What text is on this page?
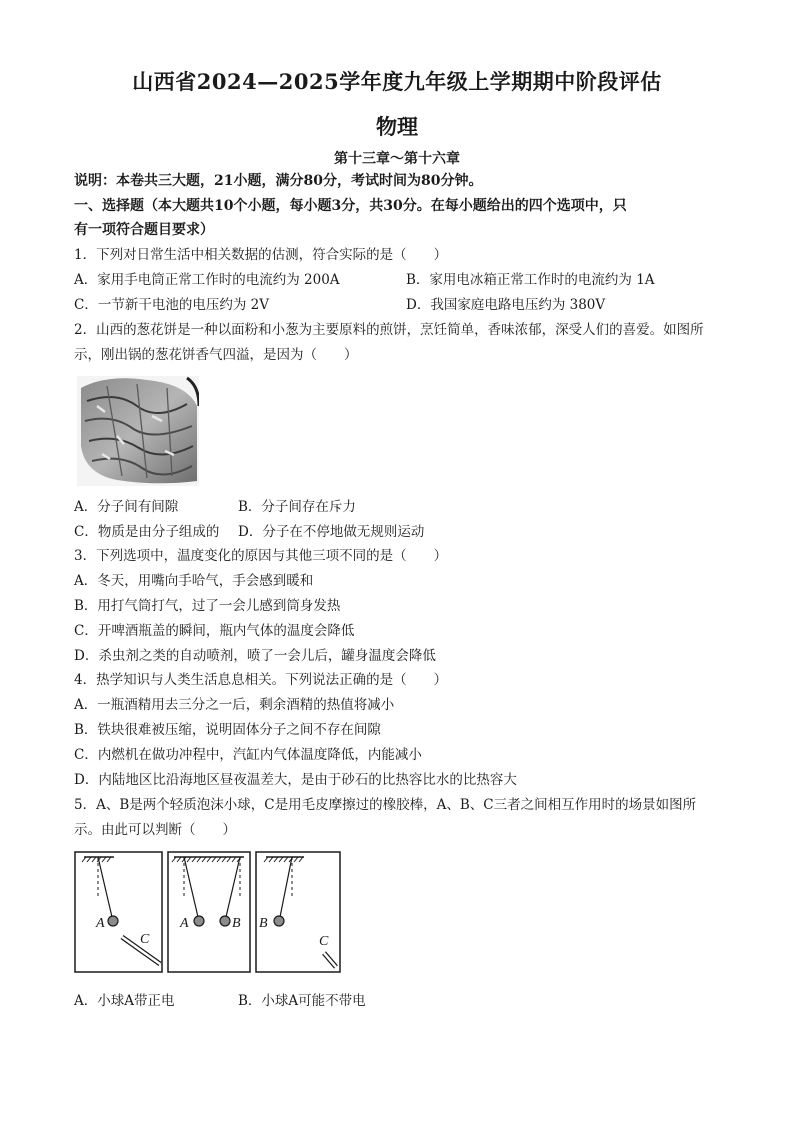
山西省2024—2025学年度九年级上学期期中阶段评估
物理
第十三章～第十六章
说明：本卷共三大题，21小题，满分80分，考试时间为80分钟。
一、选择题（本大题共10个小题，每小题3分，共30分。在每小题给出的四个选项中，只
有一项符合题目要求）
1．下列对日常生活中相关数据的估测，符合实际的是（　　）
A．家用手电筒正常工作时的电流约为 200A	B．家用电冰箱正常工作时的电流约为 1A
C．一节新干电池的电压约为 2V	D．我国家庭电路电压约为 380V
2．山西的葱花饼是一种以面粉和小葱为主要原料的煎饼，烹饪简单，香味浓郁，深受人们的喜爱。如图所
示，刚出锅的葱花饼香气四溢，是因为（　　）
A．分子间有间隙	B．分子间存在斥力
C．物质是由分子组成的	D．分子在不停地做无规则运动
3．下列选项中，温度变化的原因与其他三项不同的是（　　）
A．冬天，用嘴向手哈气，手会感到暖和
B．用打气筒打气，过了一会儿感到筒身发热
C．开啤酒瓶盖的瞬间，瓶内气体的温度会降低
D．杀虫剂之类的自动喷剂，喷了一会儿后，罐身温度会降低
4．热学知识与人类生活息息相关。下列说法正确的是（　　）
A．一瓶酒精用去三分之一后，剩余酒精的热值将减小
B．铁块很难被压缩，说明固体分子之间不存在间隙
C．内燃机在做功冲程中，汽缸内气体温度降低，内能减小
D．内陆地区比沿海地区昼夜温差大，是由于砂石的比热容比水的比热容大
5．A、B是两个轻质泡沫小球，C是用毛皮摩擦过的橡胶棒，A、B、C三者之间相互作用时的场景如图所
示。由此可以判断（　　）
A
C
A	B B
C
A．小球A带正电	B．小球A可能不带电
